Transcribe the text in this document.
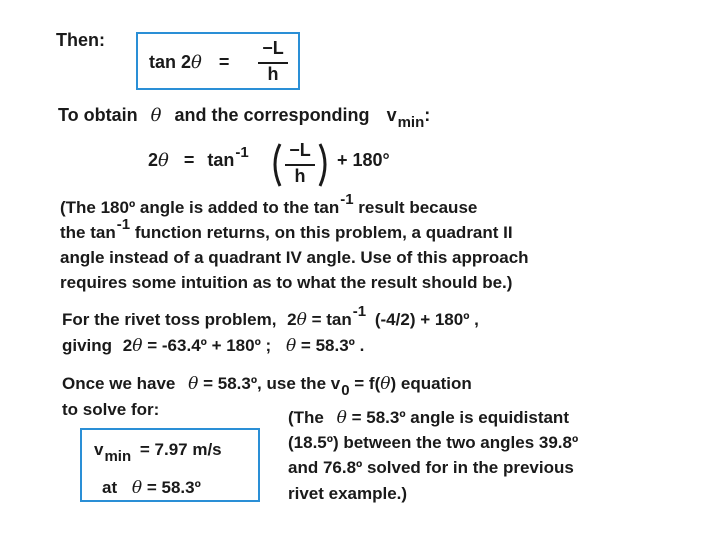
Then:
tan 2θ =
−L
h
To obtain θ and the corresponding $v_{min}$:
$2\theta = \tan^{-1}$	−L
h
+ 180°
(The 180º angle is added to the tan-1 result because
the tan-1 function returns, on this problem, a quadrant II
angle instead of a quadrant IV angle. Use of this approach
requires some intuition as to what the result should be.)
For the rivet toss problem, 2θ = tan-1 (-4/2) + 180º ,
giving 2θ = -63.4º + 180º ; θ = 58.3º .
Once we have θ = 58.3º, use the v0 = f(θ) equation
to solve for:
vmin = 7.97 m/s
at θ = 58.3º
(The θ = 58.3º angle is equidistant
(18.5º) between the two angles 39.8º
and 76.8º solved for in the previous
rivet example.)
